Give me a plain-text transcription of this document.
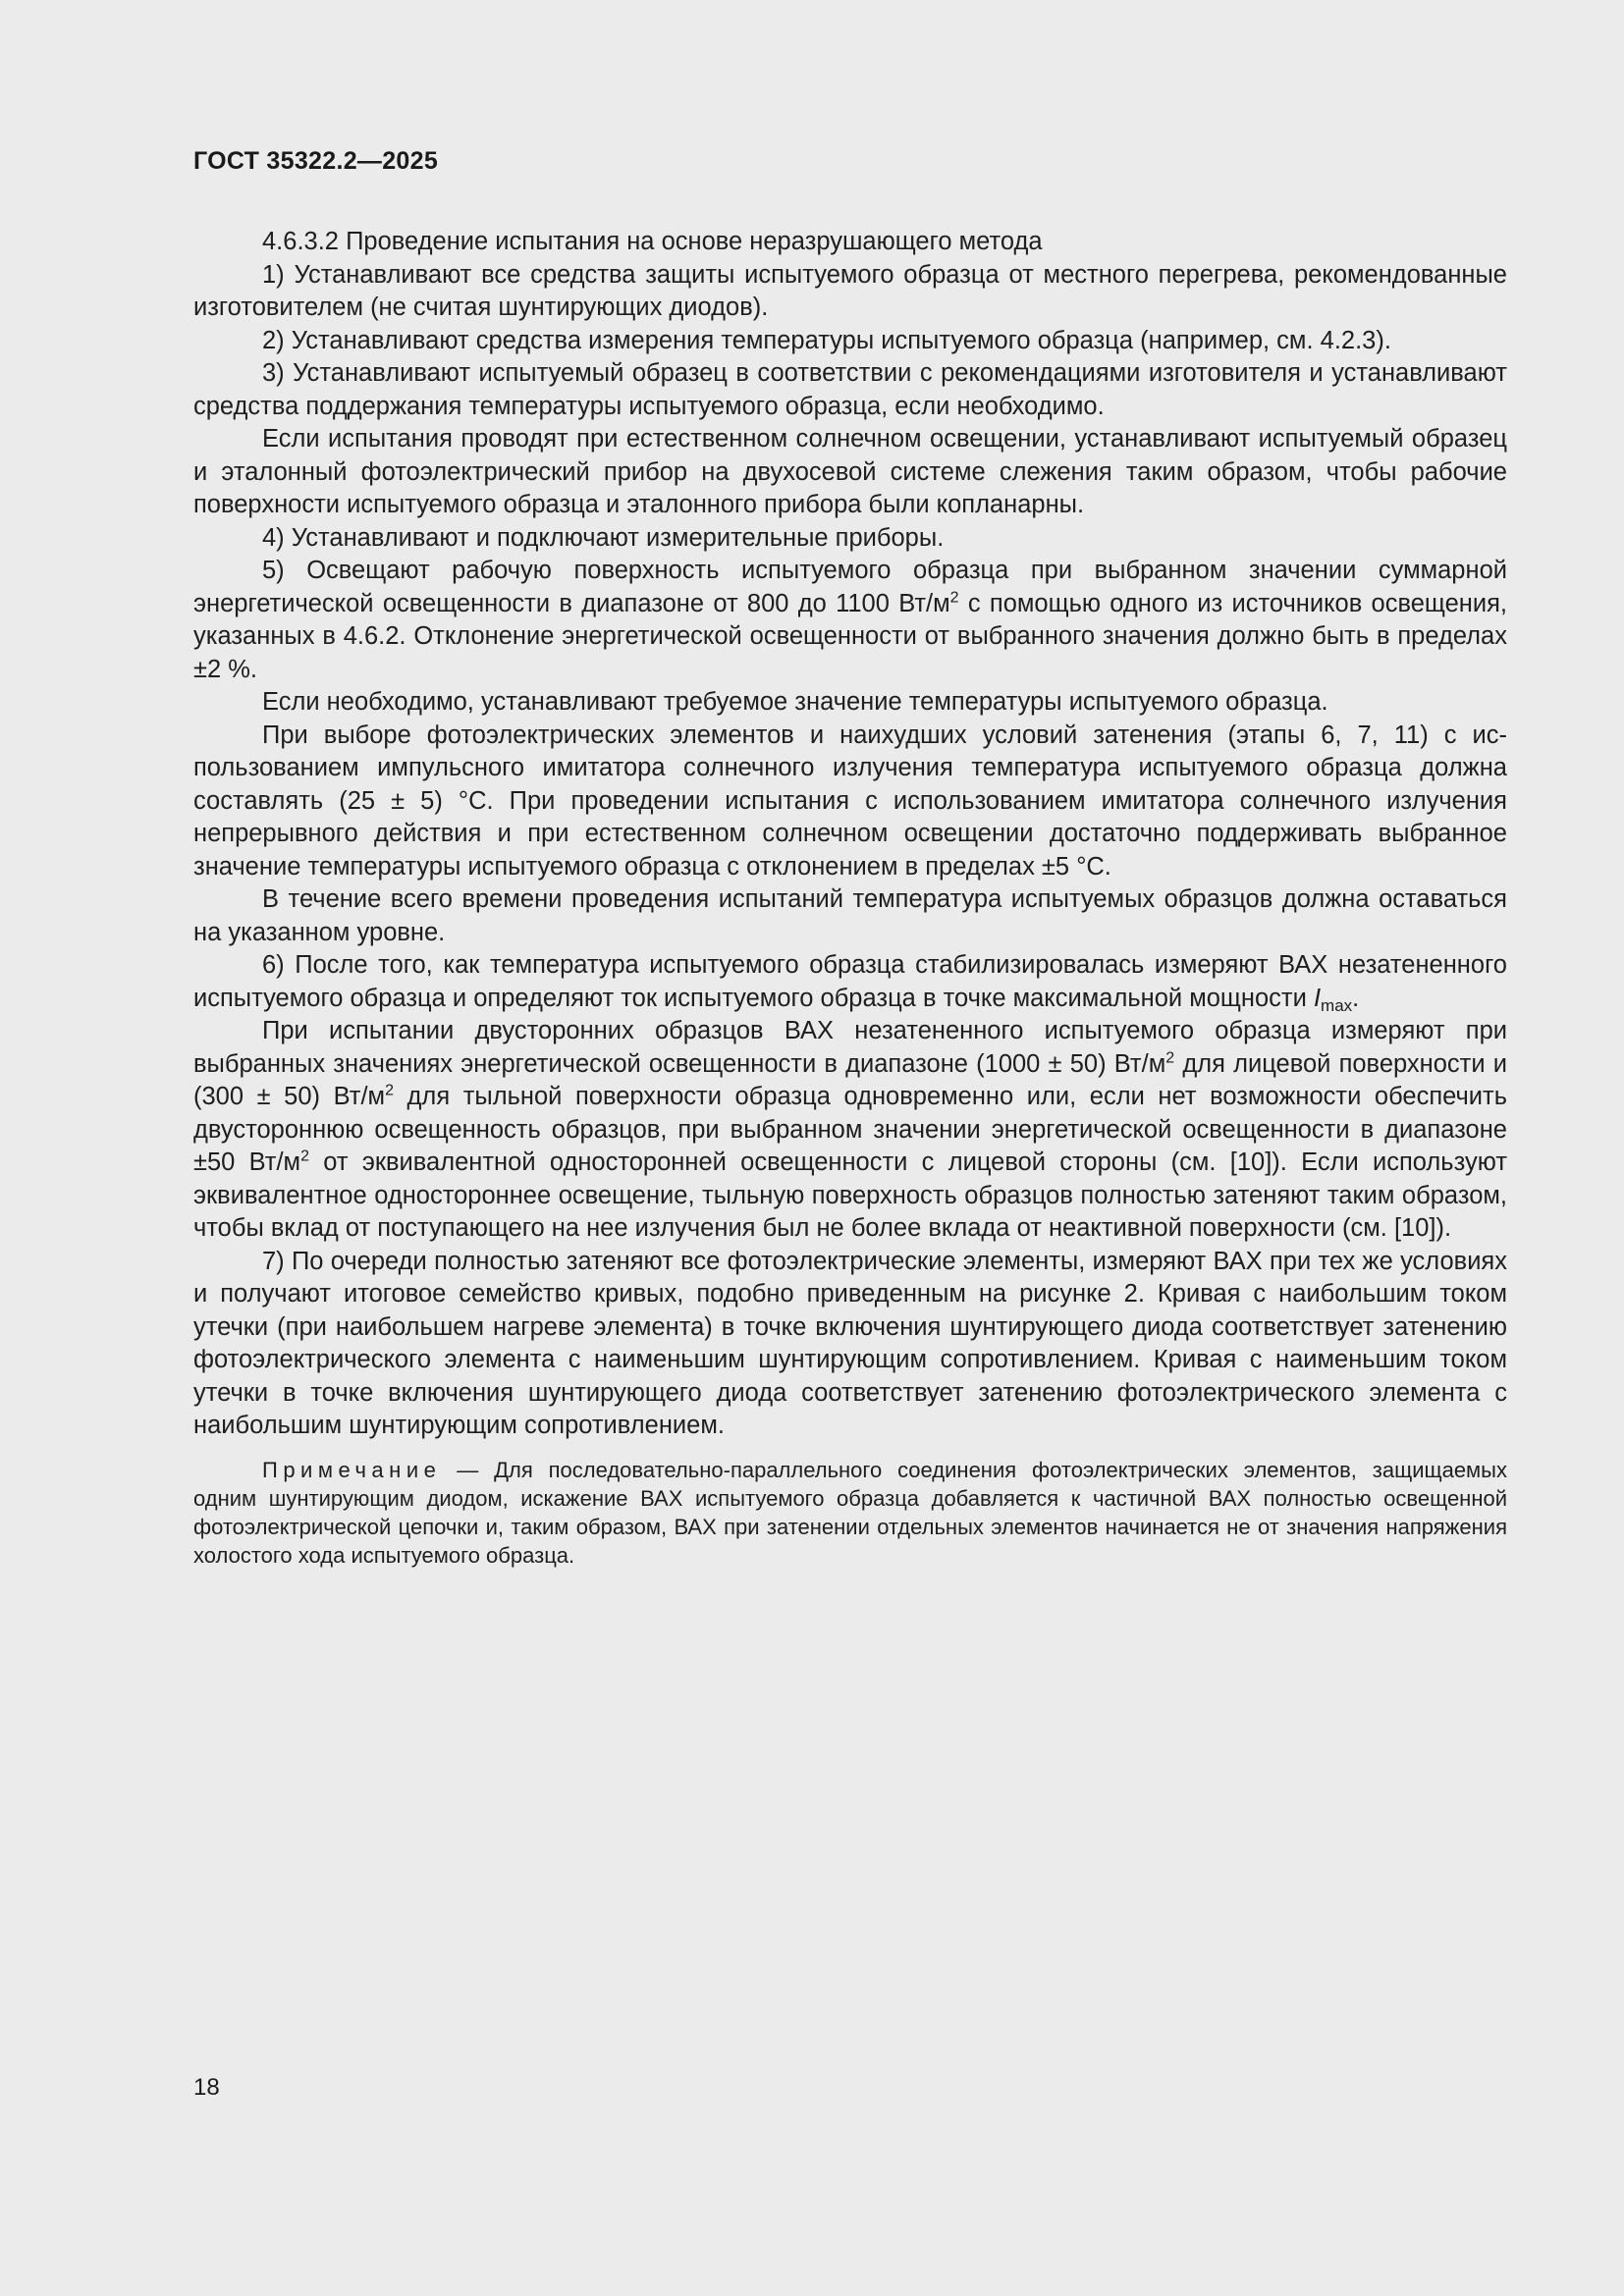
ГОСТ 35322.2—2025

4.6.3.2 Проведение испытания на основе неразрушающего метода

1) Устанавливают все средства защиты испытуемого образца от местного перегрева, рекомендованные изготовителем (не считая шунтирующих диодов).

2) Устанавливают средства измерения температуры испытуемого образца (например, см. 4.2.3).

3) Устанавливают испытуемый образец в соответствии с рекомендациями изготовителя и устанавливают средства поддержания температуры испытуемого образца, если необходимо.

Если испытания проводят при естественном солнечном освещении, устанавливают испытуемый образец и эталонный фотоэлектрический прибор на двухосевой системе слежения таким образом, чтобы рабочие поверхности испытуемого образца и эталонного прибора были копланарны.

4) Устанавливают и подключают измерительные приборы.

5) Освещают рабочую поверхность испытуемого образца при выбранном значении суммарной энергетической освещенности в диапазоне от 800 до 1100 $Вт/м^2$ с помощью одного из источников освещения, указанных в 4.6.2. Отклонение энергетической освещенности от выбранного значения должно быть в пределах ±2 %.

Если необходимо, устанавливают требуемое значение температуры испытуемого образца.

При выборе фотоэлектрических элементов и наихудших условий затенения (этапы 6, 7, 11) с использованием импульсного имитатора солнечного излучения температура испытуемого образца должна составлять (25 ± 5) °С. При проведении испытания с использованием имитатора солнечного излучения непрерывного действия и при естественном солнечном освещении достаточно поддерживать выбранное значение температуры испытуемого образца с отклонением в пределах ±5 °С.

В течение всего времени проведения испытаний температура испытуемых образцов должна оставаться на указанном уровне.

6) После того, как температура испытуемого образца стабилизировалась измеряют ВАХ незатененного испытуемого образца и определяют ток испытуемого образца в точке максимальной мощности $I_{max}$.

При испытании двусторонних образцов ВАХ незатененного испытуемого образца измеряют при выбранных значениях энергетической освещенности в диапазоне (1000 ± 50) $Вт/м^2$ для лицевой поверхности и (300 ± 50) $Вт/м^2$ для тыльной поверхности образца одновременно или, если нет возможности обеспечить двустороннюю освещенность образцов, при выбранном значении энергетической освещенности в диапазоне ±50 $Вт/м^2$ от эквивалентной односторонней освещенности с лицевой стороны (см. [10]). Если используют эквивалентное одностороннее освещение, тыльную поверхность образцов полностью затеняют таким образом, чтобы вклад от поступающего на нее излучения был не более вклада от неактивной поверхности (см. [10]).

7) По очереди полностью затеняют все фотоэлектрические элементы, измеряют ВАХ при тех же условиях и получают итоговое семейство кривых, подобно приведенным на рисунке 2. Кривая с наибольшим током утечки (при наибольшем нагреве элемента) в точке включения шунтирующего диода соответствует затенению фотоэлектрического элемента с наименьшим шунтирующим сопротивлением. Кривая с наименьшим током утечки в точке включения шунтирующего диода соответствует затенению фотоэлектрического элемента с наибольшим шунтирующим сопротивлением.

Примечание — Для последовательно-параллельного соединения фотоэлектрических элементов, защищаемых одним шунтирующим диодом, искажение ВАХ испытуемого образца добавляется к частичной ВАХ полностью освещенной фотоэлектрической цепочки и, таким образом, ВАХ при затенении отдельных элементов начинается не от значения напряжения холостого хода испытуемого образца.
18
